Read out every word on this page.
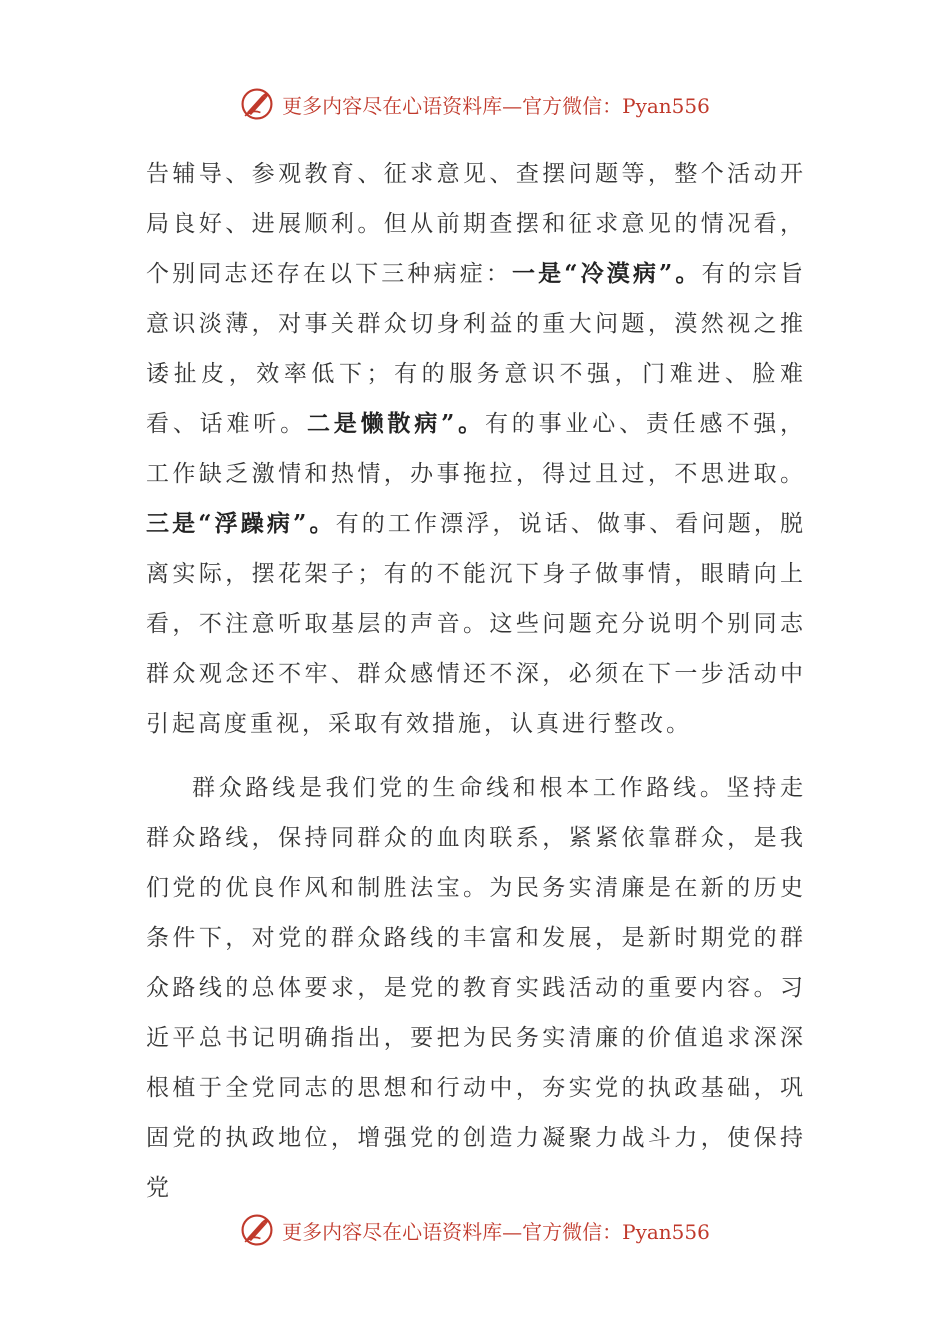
更多内容尽在心语资料库—官方微信：Pyan556

告辅导、参观教育、征求意见、查摆问题等，整个活动开局良好、进展顺利。但从前期查摆和征求意见的情况看，个别同志还存在以下三种病症：一是“冷漠病”。有的宗旨意识淡薄，对事关群众切身利益的重大问题，漠然视之推诿扯皮，效率低下；有的服务意识不强，门难进、脸难看、话难听。二是懒散病”。有的事业心、责任感不强，工作缺乏激情和热情，办事拖拉，得过且过，不思进取。三是“浮躁病”。有的工作漂浮，说话、做事、看问题，脱离实际，摆花架子；有的不能沉下身子做事情，眼睛向上看，不注意听取基层的声音。这些问题充分说明个别同志群众观念还不牢、群众感情还不深，必须在下一步活动中引起高度重视，采取有效措施，认真进行整改。

群众路线是我们党的生命线和根本工作路线。坚持走群众路线，保持同群众的血肉联系，紧紧依靠群众，是我们党的优良作风和制胜法宝。为民务实清廉是在新的历史条件下，对党的群众路线的丰富和发展，是新时期党的群众路线的总体要求，是党的教育实践活动的重要内容。习近平总书记明确指出，要把为民务实清廉的价值追求深深根植于全党同志的思想和行动中，夯实党的执政基础，巩固党的执政地位，增强党的创造力凝聚力战斗力，使保持党

更多内容尽在心语资料库—官方微信：Pyan556
